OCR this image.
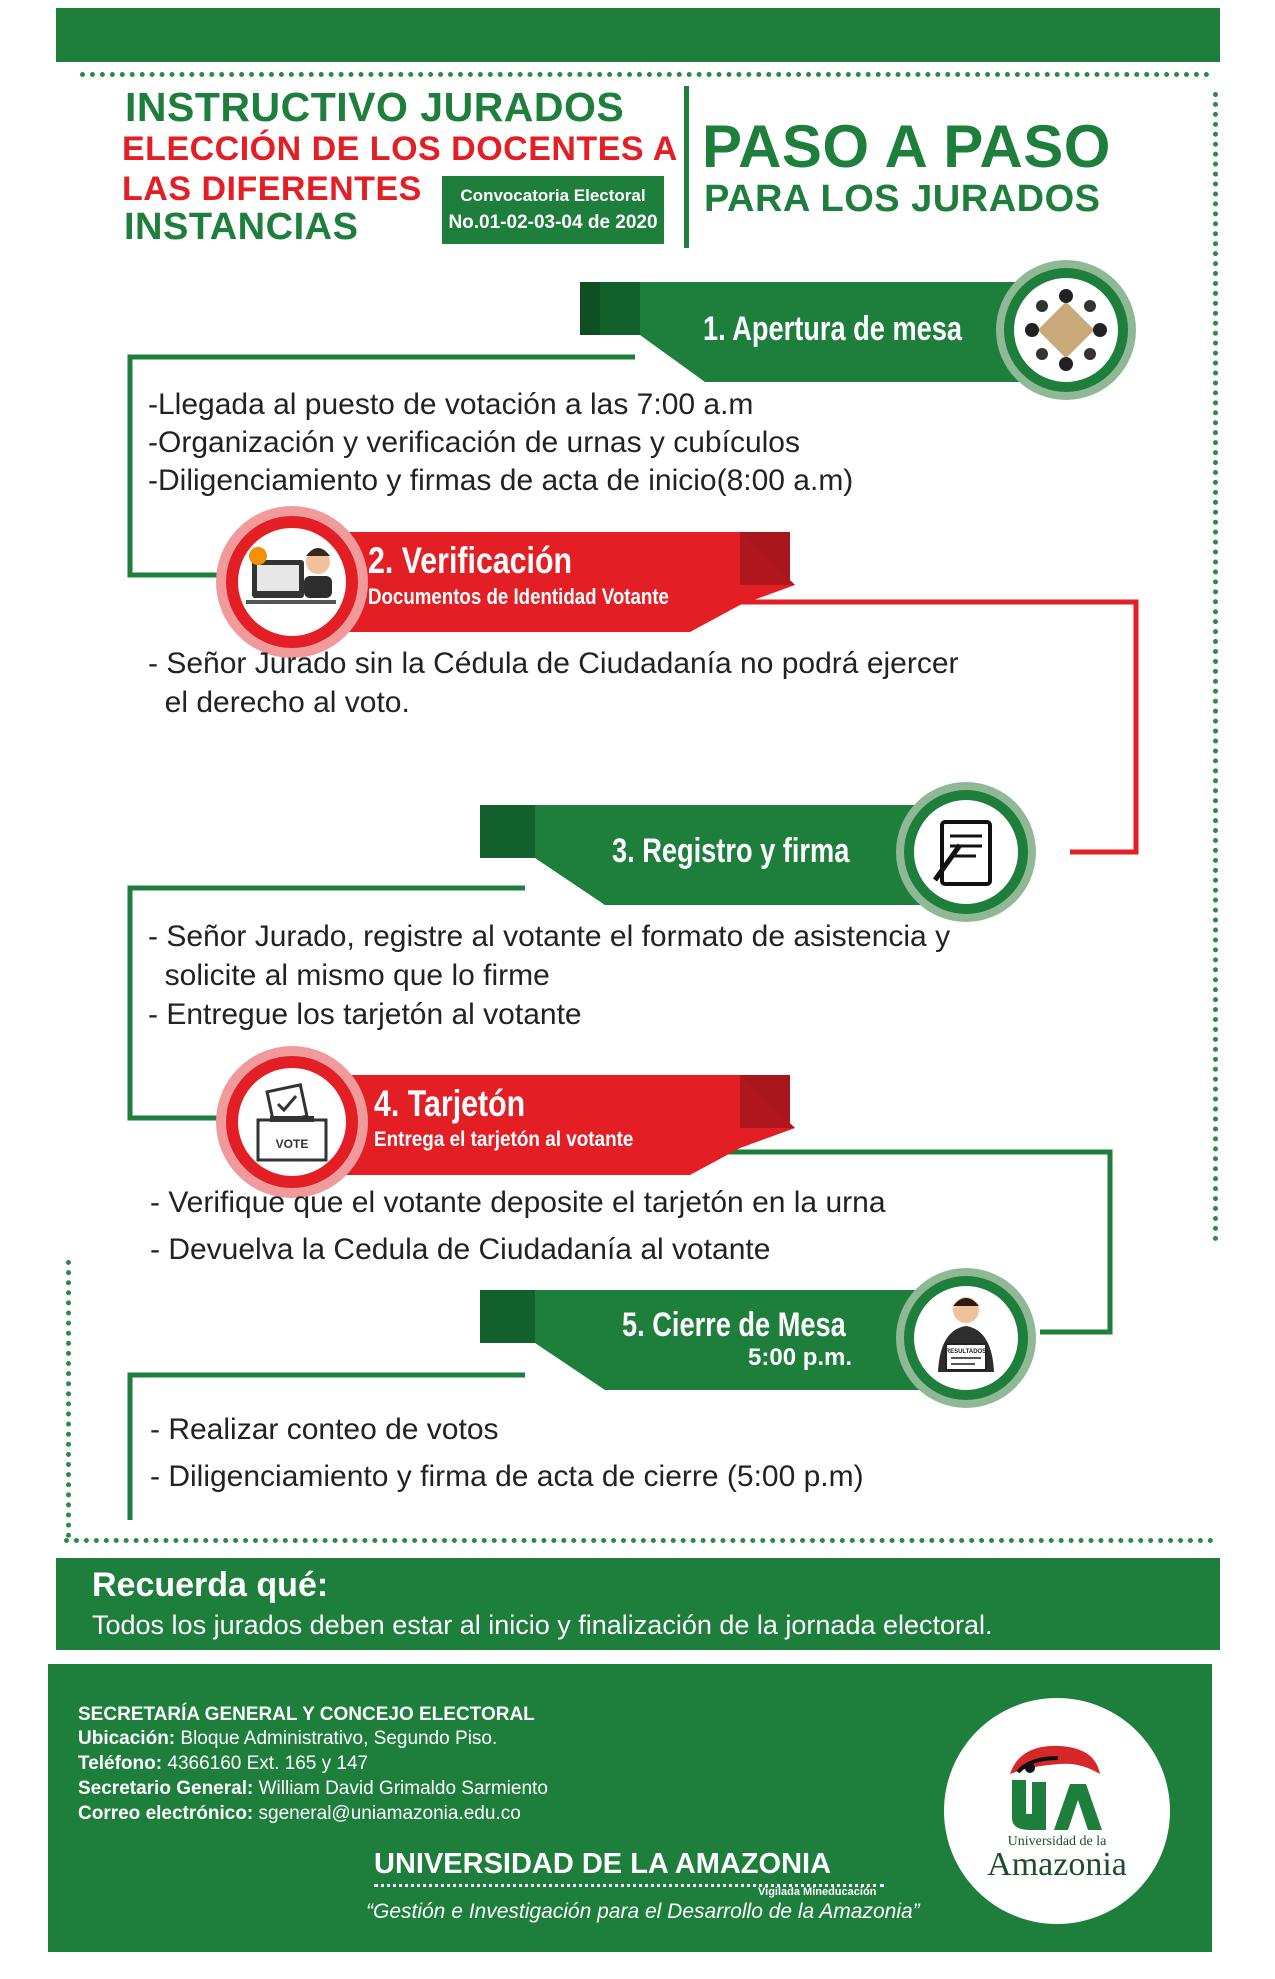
INSTRUCTIVO JURADOS
ELECCIÓN DE LOS DOCENTES A
LAS DIFERENTES
INSTANCIAS
Convocatoria Electoral
No.01-02-03-04 de 2020
PASO A PASO
PARA LOS JURADOS
VOTE
RESULTADOS
1. Apertura de mesa
2. Verificación
Documentos de Identidad Votante
3. Registro y firma
4. Tarjetón
Entrega el tarjetón al votante
5. Cierre de Mesa
5:00 p.m.
-Llegada al puesto de votación a las 7:00 a.m
-Organización y verificación de urnas y cubículos
-Diligenciamiento y firmas de acta de inicio(8:00 a.m)
- Señor Jurado sin la Cédula de Ciudadanía no podrá ejercer
el derecho al voto.
- Señor Jurado, registre al votante el formato de asistencia y
solicite al mismo que lo firme
- Entregue los tarjetón al votante
- Verifique que el votante deposite el tarjetón en la urna
- Devuelva la Cedula de Ciudadanía al votante
- Realizar conteo de votos
- Diligenciamiento y firma de acta de cierre (5:00 p.m)
Recuerda qué:
Todos los jurados deben estar al inicio y finalización de la jornada electoral.
SECRETARÍA GENERAL Y CONCEJO ELECTORAL
Ubicación: Bloque Administrativo, Segundo Piso.
Teléfono: 4366160 Ext. 165 y 147
Secretario General: William David Grimaldo Sarmiento
Correo electrónico: sgeneral@uniamazonia.edu.co
UNIVERSIDAD DE LA AMAZONIA
Vigilada Mineducación
“Gestión e Investigación para el Desarrollo de la Amazonia”
Universidad de la
Amazonia
